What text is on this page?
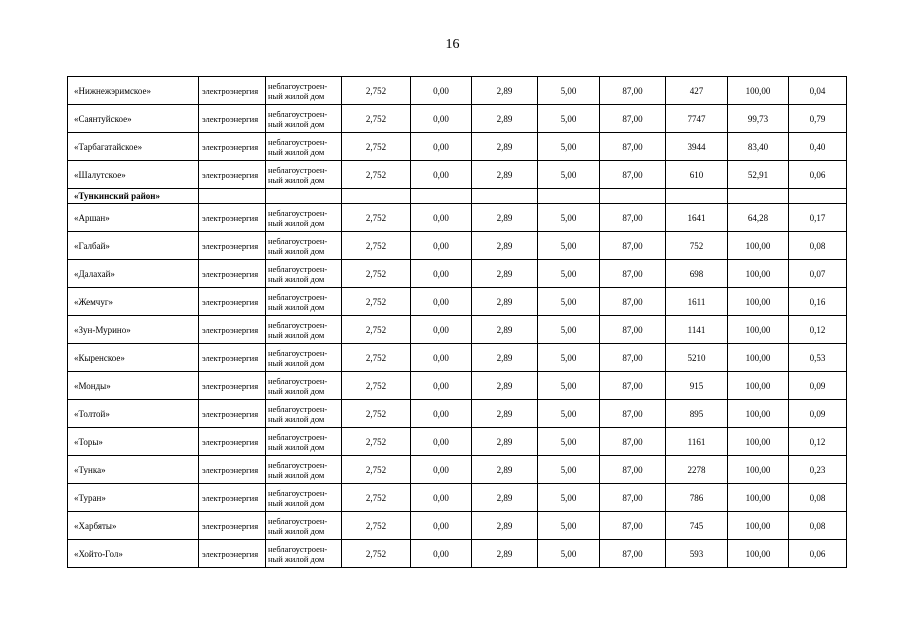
16
«Нижнежэримское»	электроэнергия	неблагоустроен-
ный жилой дом	2,752	0,00	2,89	5,00	87,00	427	100,00	0,04
«Саянтуйское»	электроэнергия	неблагоустроен-
ный жилой дом	2,752	0,00	2,89	5,00	87,00	7747	99,73	0,79
«Тарбагатайское»	электроэнергия	неблагоустроен-
ный жилой дом	2,752	0,00	2,89	5,00	87,00	3944	83,40	0,40
«Шалутское»	электроэнергия	неблагоустроен-
ный жилой дом	2,752	0,00	2,89	5,00	87,00	610	52,91	0,06
«Тункинский район»										
«Аршан»	электроэнергия	неблагоустроен-
ный жилой дом	2,752	0,00	2,89	5,00	87,00	1641	64,28	0,17
«Галбай»	электроэнергия	неблагоустроен-
ный жилой дом	2,752	0,00	2,89	5,00	87,00	752	100,00	0,08
«Далахай»	электроэнергия	неблагоустроен-
ный жилой дом	2,752	0,00	2,89	5,00	87,00	698	100,00	0,07
«Жемчуг»	электроэнергия	неблагоустроен-
ный жилой дом	2,752	0,00	2,89	5,00	87,00	1611	100,00	0,16
«Зун-Мурино»	электроэнергия	неблагоустроен-
ный жилой дом	2,752	0,00	2,89	5,00	87,00	1141	100,00	0,12
«Кыренское»	электроэнергия	неблагоустроен-
ный жилой дом	2,752	0,00	2,89	5,00	87,00	5210	100,00	0,53
«Монды»	электроэнергия	неблагоустроен-
ный жилой дом	2,752	0,00	2,89	5,00	87,00	915	100,00	0,09
«Толтой»	электроэнергия	неблагоустроен-
ный жилой дом	2,752	0,00	2,89	5,00	87,00	895	100,00	0,09
«Торы»	электроэнергия	неблагоустроен-
ный жилой дом	2,752	0,00	2,89	5,00	87,00	1161	100,00	0,12
«Тунка»	электроэнергия	неблагоустроен-
ный жилой дом	2,752	0,00	2,89	5,00	87,00	2278	100,00	0,23
«Туран»	электроэнергия	неблагоустроен-
ный жилой дом	2,752	0,00	2,89	5,00	87,00	786	100,00	0,08
«Харбяты»	электроэнергия	неблагоустроен-
ный жилой дом	2,752	0,00	2,89	5,00	87,00	745	100,00	0,08
«Хойто-Гол»	электроэнергия	неблагоустроен-
ный жилой дом	2,752	0,00	2,89	5,00	87,00	593	100,00	0,06
